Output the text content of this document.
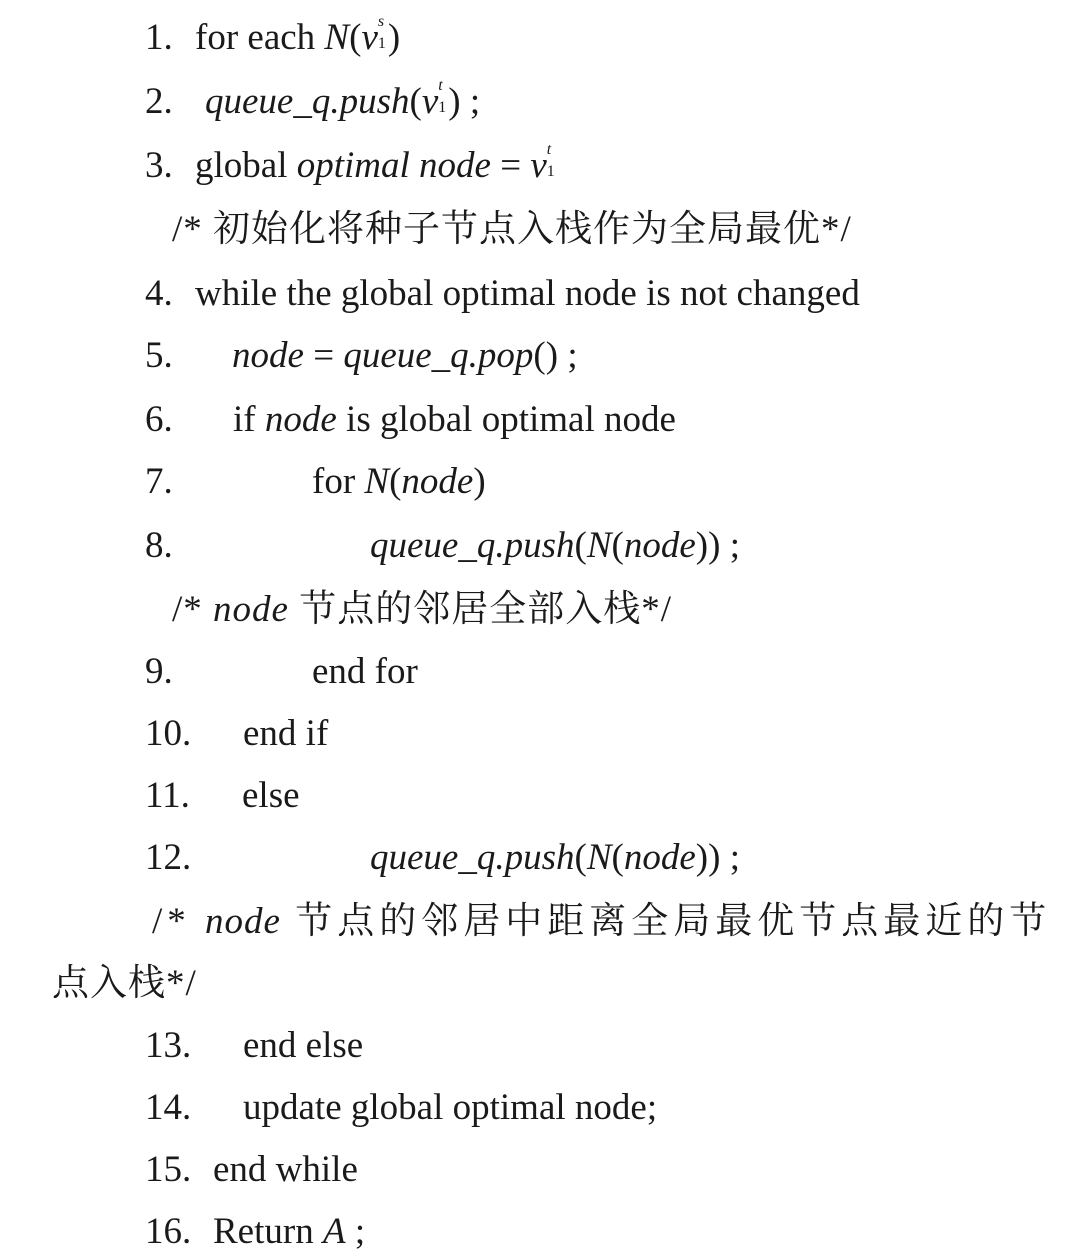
1. for each N(v s
1 )
2. queue_q.push(v t
1 ) ;
3. global optimal node = v t
1
/* 初始化将种子节点入栈作为全局最优*/
4. while the global optimal node is not changed
5. node = queue_q.pop() ;
6. if node is global optimal node
7.	for N(node)
8.	queue_q.push(N(node)) ;
/* node 节点的邻居全部入栈*/
9.	end for
10. end if
11. else
12.	queue_q.push(N(node)) ;
/* node 节点的邻居中距离全局最优节点最近的节
点入栈*/
13. end else
14. update global optimal node;
15. end while
16. Return A ;
